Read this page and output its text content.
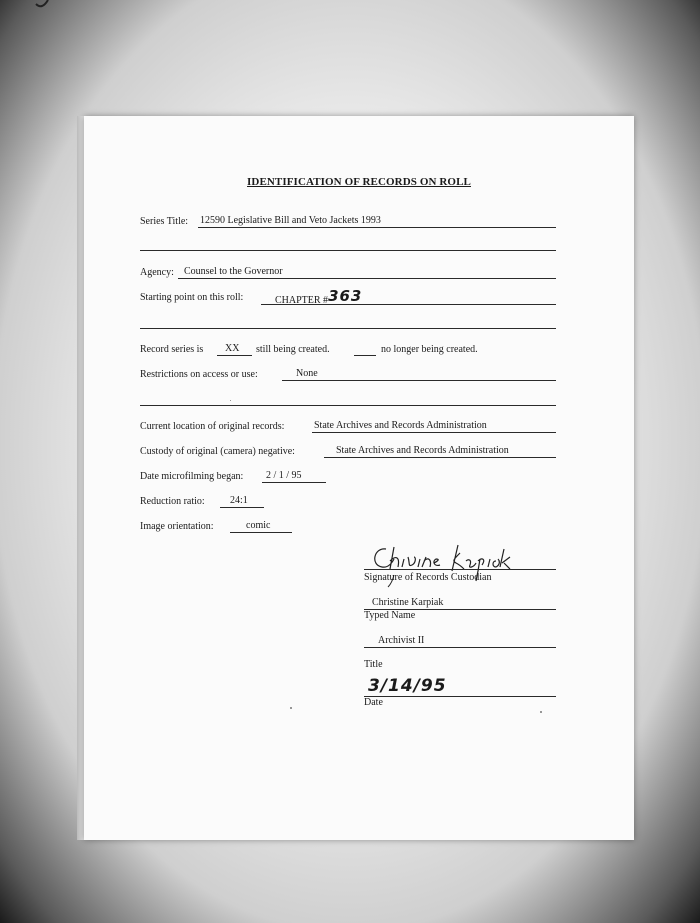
IDENTIFICATION OF RECORDS ON ROLL
Series Title: 12590 Legislative Bill and Veto Jackets 1993
Agency:	Counsel to the Governor
Starting point on this roll:	CHAPTER #363
Record series is	XX	still being created.	no longer being created.
Restrictions on access or use:	None
Current location of original records:	State Archives and Records Administration
Custody of original (camera) negative:	State Archives and Records Administration
Date microfilming began:	2 / 1 / 95
Reduction ratio:	24:1
Image orientation:	comic
Signature of Records Custodian
Christine Karpiak
Typed Name
Archivist II
Title
3/14/95
Date
